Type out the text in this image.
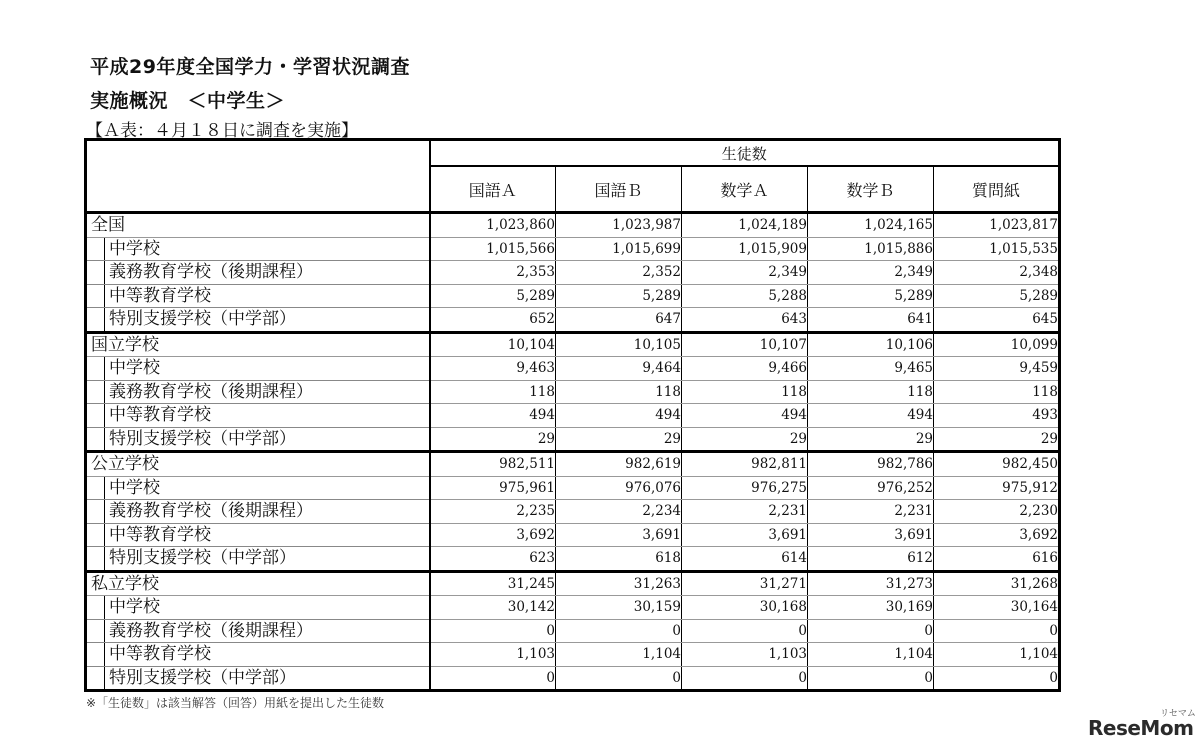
平成29年度全国学力・学習状況調査
実施概況　＜中学生＞
【Ａ表：４月１８日に調査を実施】
	生徒数				
	国語Ａ	国語Ｂ	数学Ａ	数学Ｂ	質問紙

全国	1,023,860	1,023,987	1,024,189	1,024,165	1,023,817

中学校	1,015,566	1,015,699	1,015,909	1,015,886	1,015,535

義務教育学校（後期課程）	2,353	2,352	2,349	2,349	2,348

中等教育学校	5,289	5,289	5,288	5,289	5,289

特別支援学校（中学部）	652	647	643	641	645

国立学校	10,104	10,105	10,107	10,106	10,099

中学校	9,463	9,464	9,466	9,465	9,459

義務教育学校（後期課程）	118	118	118	118	118

中等教育学校	494	494	494	494	493

特別支援学校（中学部）	29	29	29	29	29

公立学校	982,511	982,619	982,811	982,786	982,450

中学校	975,961	976,076	976,275	976,252	975,912

義務教育学校（後期課程）	2,235	2,234	2,231	2,231	2,230

中等教育学校	3,692	3,691	3,691	3,691	3,692

特別支援学校（中学部）	623	618	614	612	616

私立学校	31,245	31,263	31,271	31,273	31,268

中学校	30,142	30,159	30,168	30,169	30,164

義務教育学校（後期課程）	0	0	0	0	0

中等教育学校	1,103	1,104	1,103	1,104	1,104

特別支援学校（中学部）	0	0	0	0	0
※「生徒数」は該当解答（回答）用紙を提出した生徒数
ReseMom
リセマム
